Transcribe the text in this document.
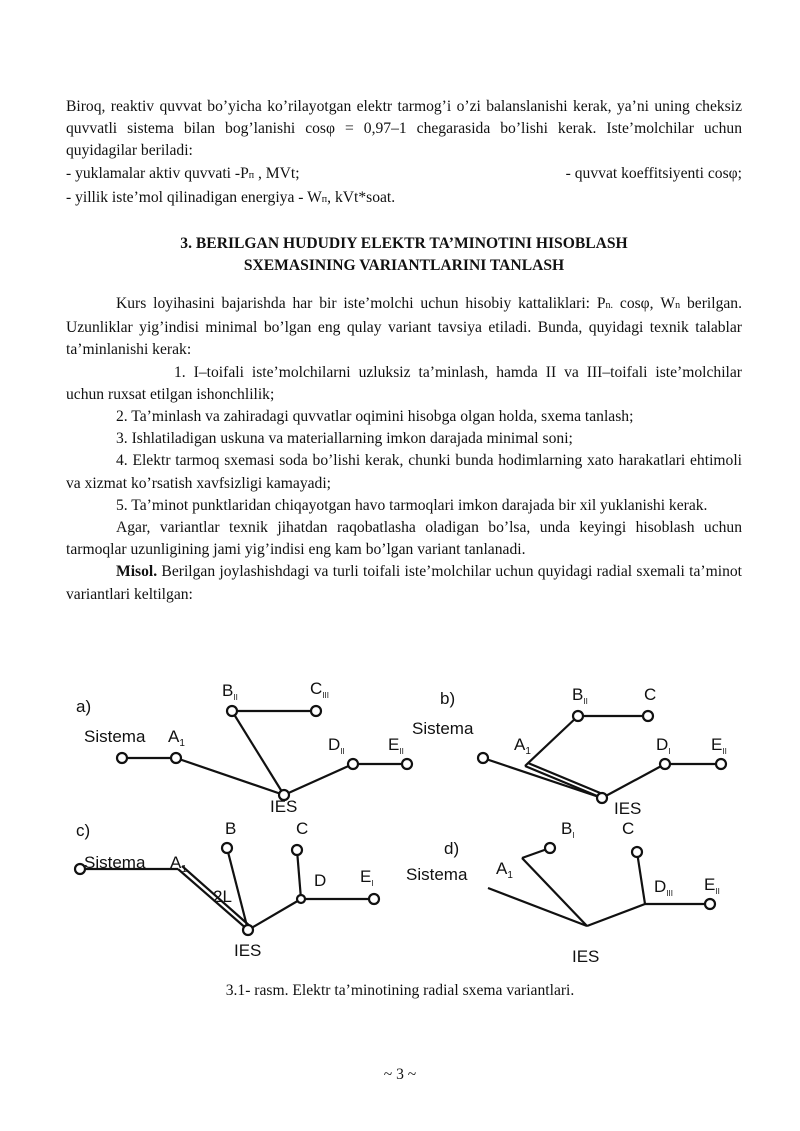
Biroq, reaktiv quvvat bo’yicha ko’rilayotgan elektr tarmog’i o’zi balanslanishi kerak, ya’ni uning cheksiz quvvatli sistema bilan bog’lanishi cosφ = 0,97–1 chegarasida bo’lishi kerak. Iste’molchilar uchun quyidagilar beriladi:

- yuklamalar aktiv quvvati -Pп , MVt;	- quvvat koeffitsiyenti cosφ;
- yillik iste’mol qilinadigan energiya - Wп, kVt*soat.
3. BERILGAN HUDUDIY ELEKTR TA’MINOTINI HISOBLASH
SXEMASINING VARIANTLARINI TANLASH

Kurs loyihasini bajarishda har bir iste’molchi uchun hisobiy kattaliklari: Pn. cosφ, Wn berilgan. Uzunliklar yig’indisi minimal bo’lgan eng qulay variant tavsiya etiladi. Bunda, quyidagi texnik talablar ta’minlanishi kerak:

1. I–toifali iste’molchilarni uzluksiz ta’minlash, hamda II va III–toifali iste’molchilar uchun ruxsat etilgan ishonchlilik;

2. Ta’minlash va zahiradagi quvvatlar oqimini hisobga olgan holda, sxema tanlash;

3. Ishlatiladigan uskuna va materiallarning imkon darajada minimal soni;

4. Elektr tarmoq sxemasi soda bo’lishi kerak, chunki bunda hodimlarning xato harakatlari ehtimoli va xizmat ko’rsatish xavfsizligi kamayadi;

5. Ta’minot punktlaridan chiqayotgan havo tarmoqlari imkon darajada bir xil yuklanishi kerak.

Agar, variantlar texnik jihatdan raqobatlasha oladigan bo’lsa, unda keyingi hisoblash uchun tarmoqlar uzunligining jami yig’indisi eng kam bo’lgan variant tanlanadi.

Misol. Berilgan joylashishdagi va turli toifali iste’molchilar uchun quyidagi radial sxemali ta’minot variantlari keltilgan:

a)
Sistema $A_1$
$B_{II}$	$C_{III}$
$D_{II}$	$E_{II}$
IES
b)
Sistema
$A_1$
$B_{II}$	C
$D_I$ $E_{II}$
IES
c)
Sistema $A_1$
B	C
2L
D $E_I$
IES
d)
Sistema $A_1$
$B_I$	C
$D_{III}$ $E_{II}$
IES
3.1- rasm. Elektr ta’minotining radial sxema variantlari.
~ 3 ~
